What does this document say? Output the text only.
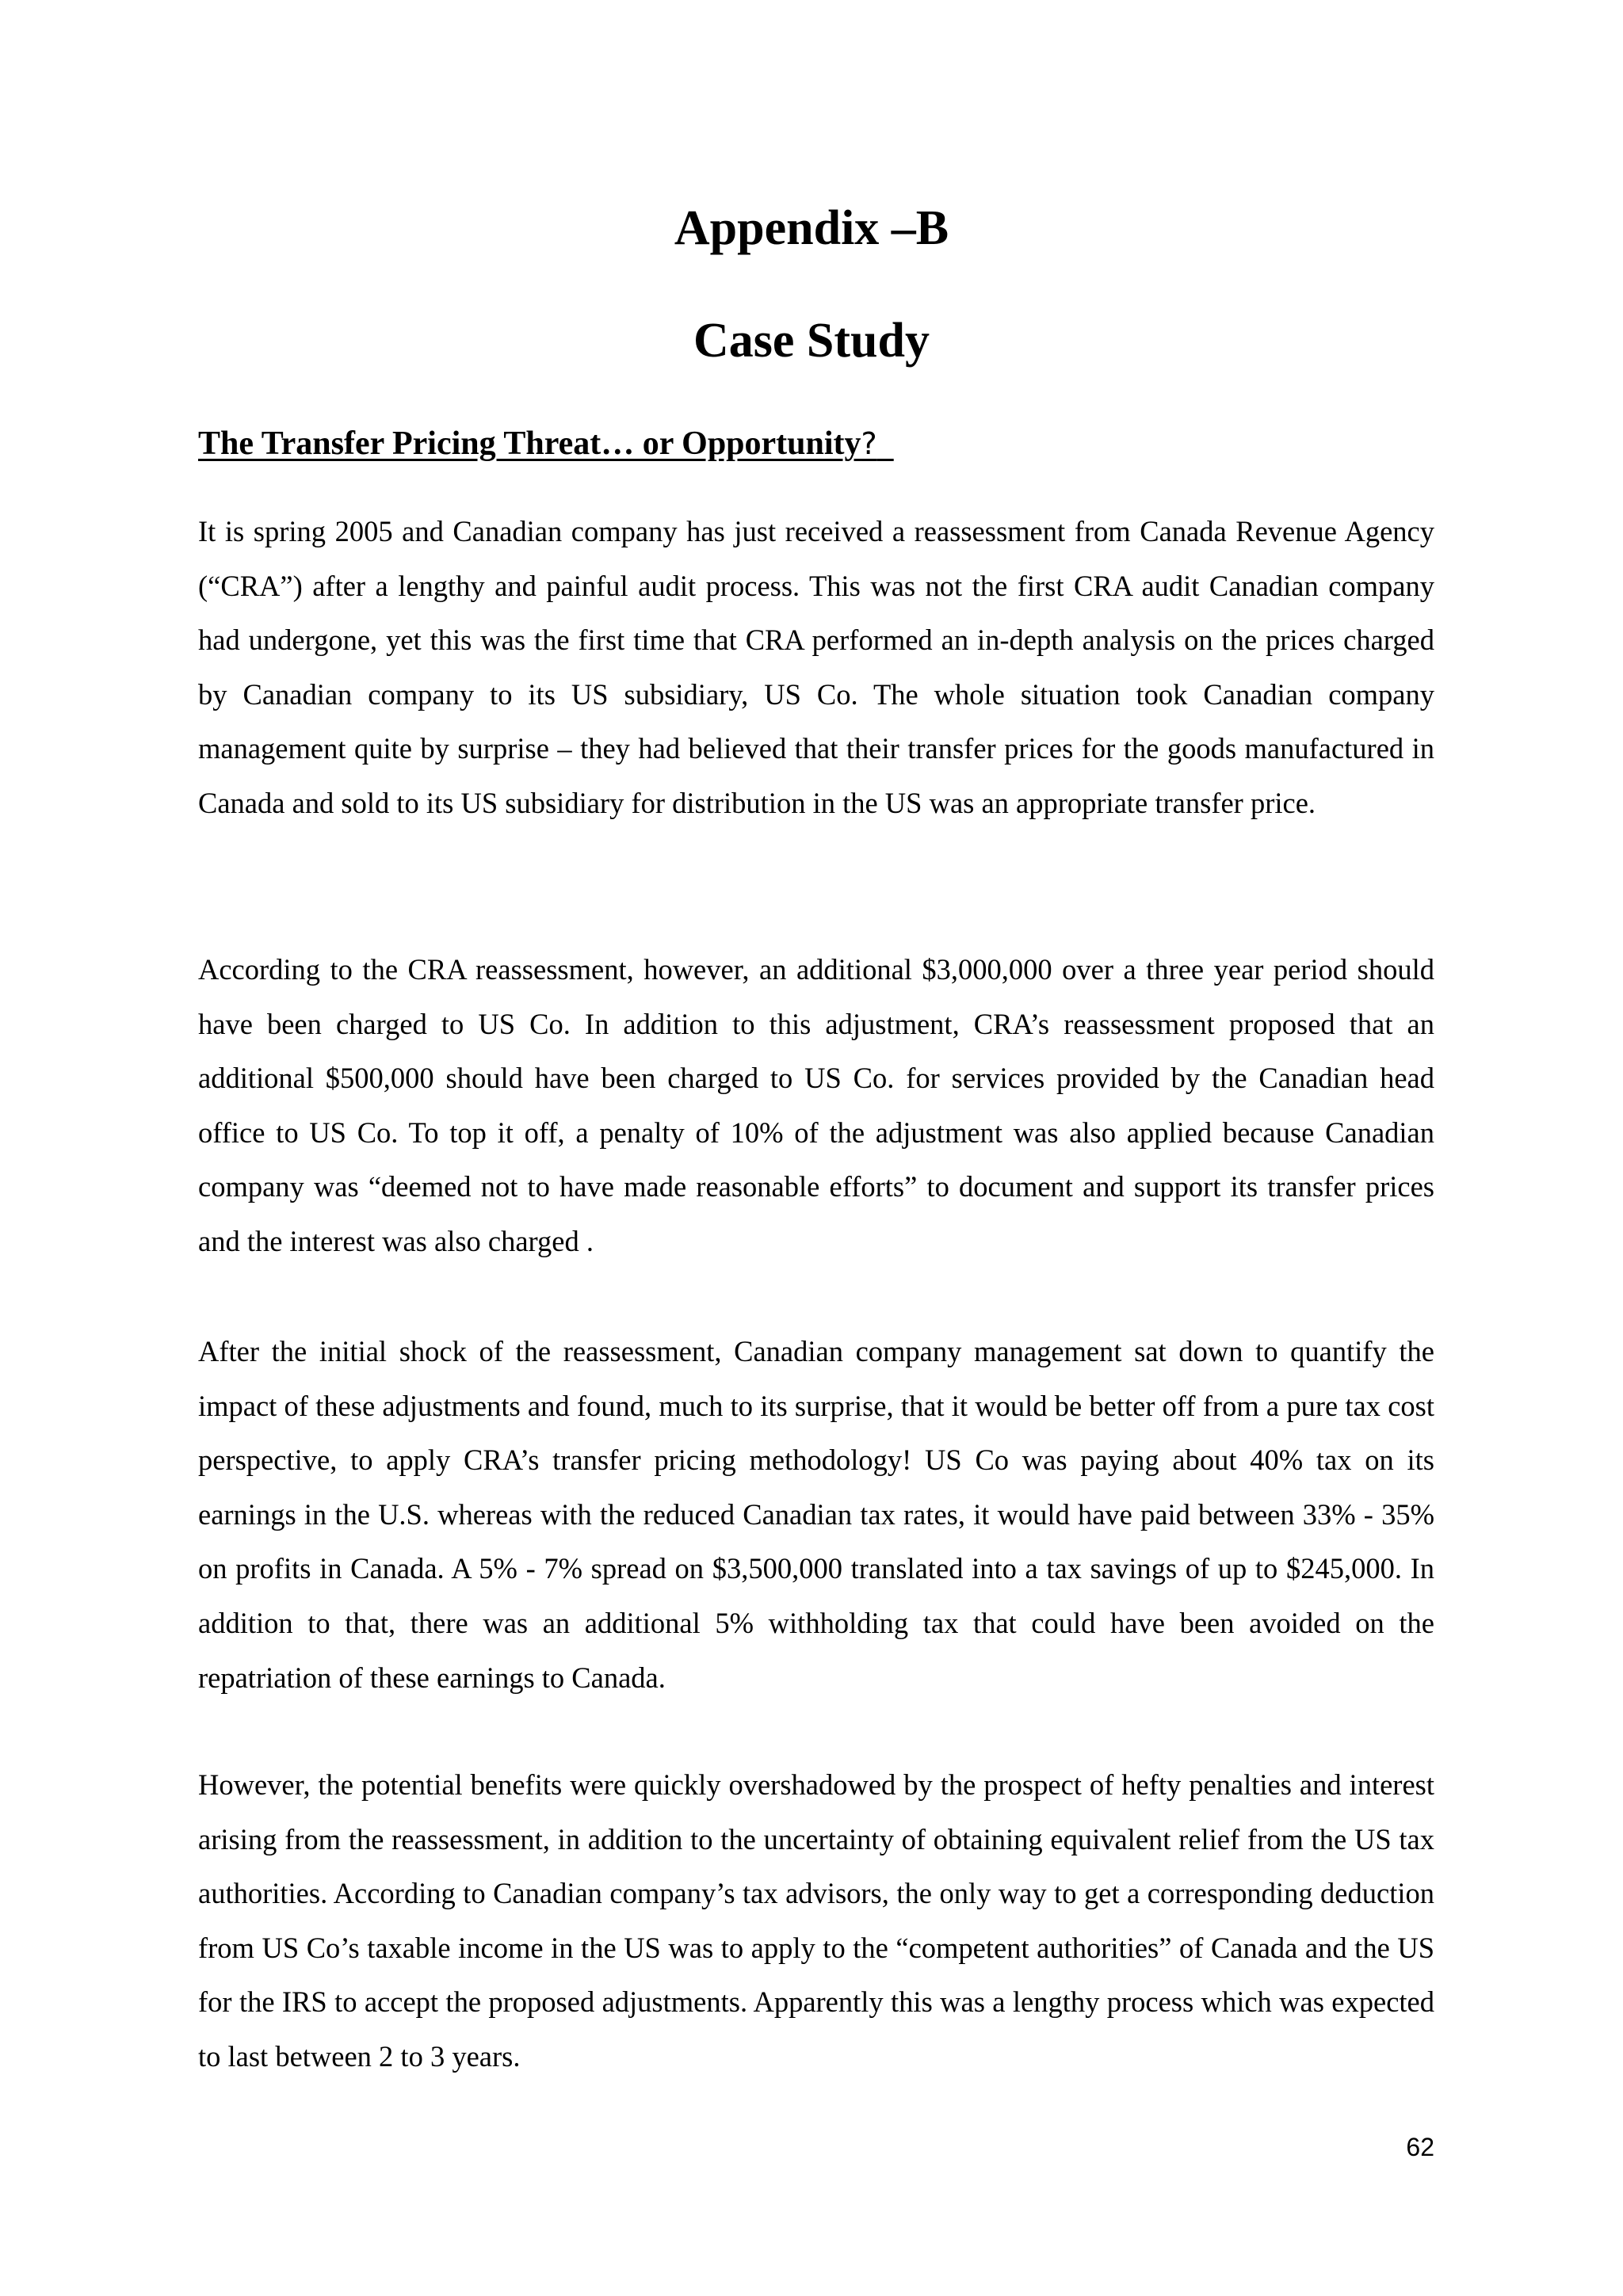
Appendix –B
Case Study
The Transfer Pricing Threat… or Opportunity?

It is spring 2005 and Canadian company has just received a reassessment from Canada Revenue Agency (“CRA”) after a lengthy and painful audit process. This was not the first CRA audit Canadian company had undergone, yet this was the first time that CRA performed an in-depth analysis on the prices charged by Canadian company to its US subsidiary, US Co. The whole situation took Canadian company management quite by surprise – they had believed that their transfer prices for the goods manufactured in Canada and sold to its US subsidiary for distribution in the US was an appropriate transfer price.

According to the CRA reassessment, however, an additional $3,000,000 over a three year period should have been charged to US Co. In addition to this adjustment, CRA’s reassessment proposed that an additional $500,000 should have been charged to US Co. for services provided by the Canadian head office to US Co. To top it off, a penalty of 10% of the adjustment was also applied because Canadian company was “deemed not to have made reasonable efforts” to document and support its transfer prices and the interest was also charged .

After the initial shock of the reassessment, Canadian company management sat down to quantify the impact of these adjustments and found, much to its surprise, that it would be better off from a pure tax cost perspective, to apply CRA’s transfer pricing methodology! US Co was paying about 40% tax on its earnings in the U.S. whereas with the reduced Canadian tax rates, it would have paid between 33% - 35% on profits in Canada. A 5% - 7% spread on $3,500,000 translated into a tax savings of up to $245,000. In addition to that, there was an additional 5% withholding tax that could have been avoided on the repatriation of these earnings to Canada.

However, the potential benefits were quickly overshadowed by the prospect of hefty penalties and interest arising from the reassessment, in addition to the uncertainty of obtaining equivalent relief from the US tax authorities. According to Canadian company’s tax advisors, the only way to get a corresponding deduction from US Co’s taxable income in the US was to apply to the “competent authorities” of Canada and the US for the IRS to accept the proposed adjustments. Apparently this was a lengthy process which was expected to last between 2 to 3 years.

62
